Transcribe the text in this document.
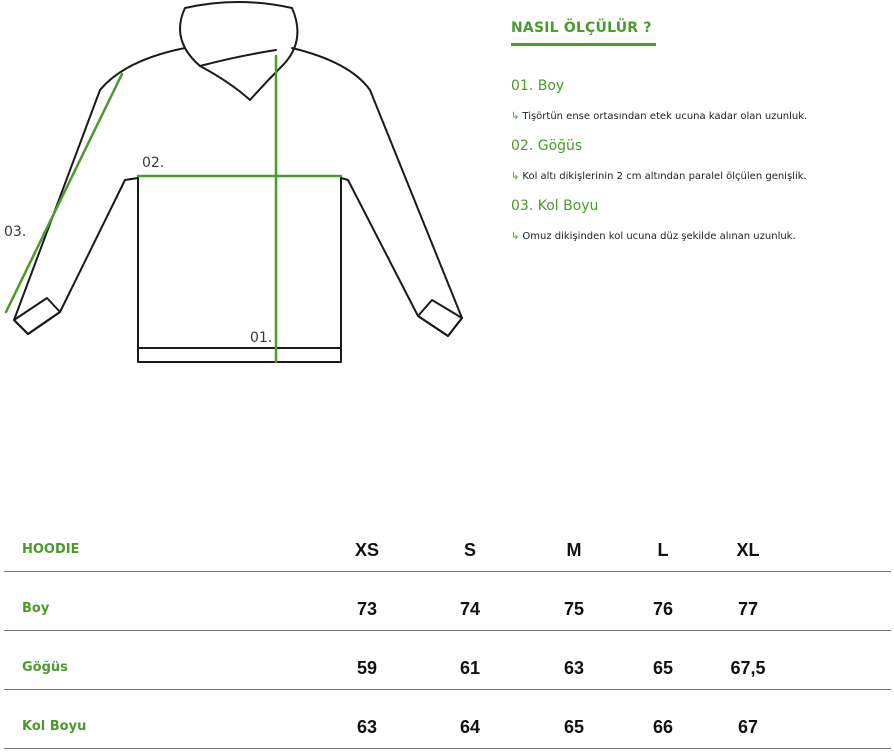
02.
03.
01.
NASIL ÖLÇÜLÜR ?
01. Boy
↳ Tişörtün ense ortasından etek ucuna kadar olan uzunluk.
02. Göğüs
↳ Kol altı dikişlerinin 2 cm altından paralel ölçülen genişlik.
03. Kol Boyu
↳ Omuz dikişinden kol ucuna düz şekilde alınan uzunluk.
HOODIE	XS	S	M	L	XL
Boy	73	74	75	76	77
Göğüs	59	61	63	65	67,5
Kol Boyu	63	64	65	66	67
